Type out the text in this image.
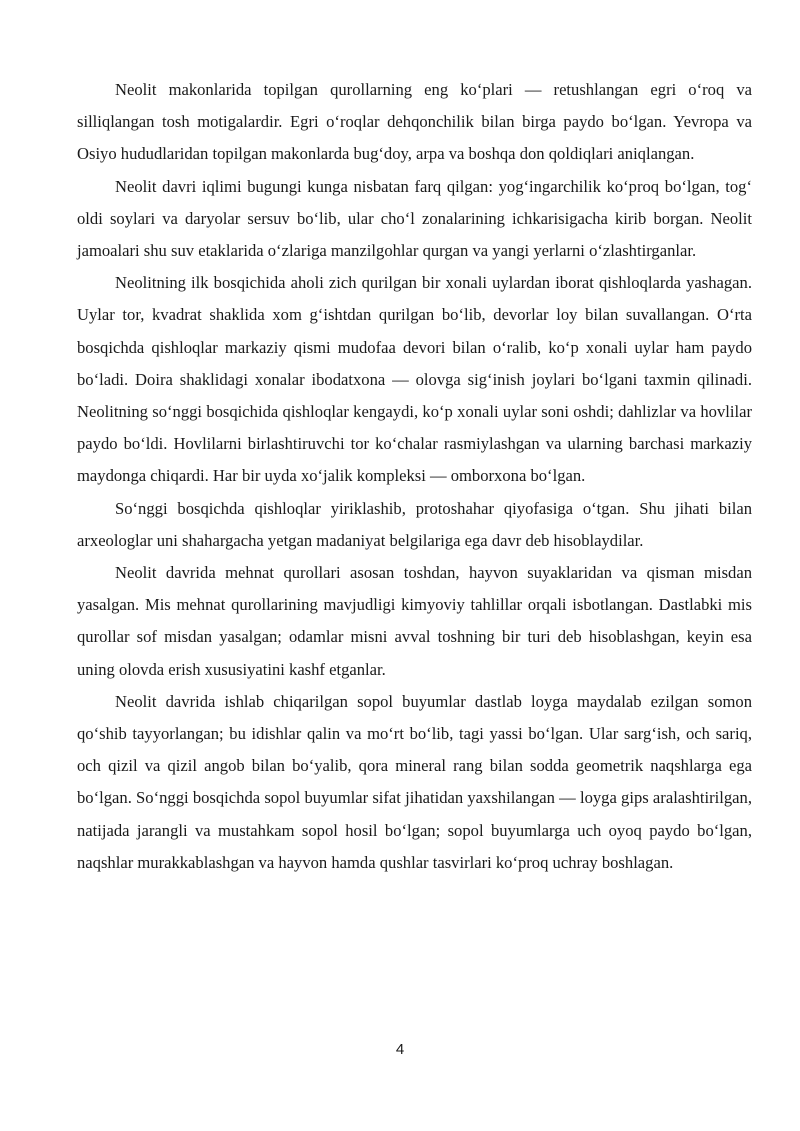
Neolit makonlarida topilgan qurollarning eng ko‘plari — retushlangan egri o‘roq va silliqlangan tosh motigalardir. Egri o‘roqlar dehqonchilik bilan birga paydo bo‘lgan. Yevropa va Osiyo hududlaridan topilgan makonlarda bug‘doy, arpa va boshqa don qoldiqlari aniqlangan.

Neolit davri iqlimi bugungi kunga nisbatan farq qilgan: yog‘ingarchilik ko‘proq bo‘lgan, tog‘ oldi soylari va daryolar sersuv bo‘lib, ular cho‘l zonalarining ichkarisigacha kirib borgan. Neolit jamoalari shu suv etaklarida o‘zlariga manzilgohlar qurgan va yangi yerlarni o‘zlashtirganlar.

Neolitning ilk bosqichida aholi zich qurilgan bir xonali uylardan iborat qishloqlarda yashagan. Uylar tor, kvadrat shaklida xom g‘ishtdan qurilgan bo‘lib, devorlar loy bilan suvallangan. O‘rta bosqichda qishloqlar markaziy qismi mudofaa devori bilan o‘ralib, ko‘p xonali uylar ham paydo bo‘ladi. Doira shaklidagi xonalar ibodatxona — olovga sig‘inish joylari bo‘lgani taxmin qilinadi. Neolitning so‘nggi bosqichida qishloqlar kengaydi, ko‘p xonali uylar soni oshdi; dahlizlar va hovlilar paydo bo‘ldi. Hovlilarni birlashtiruvchi tor ko‘chalar rasmiylashgan va ularning barchasi markaziy maydonga chiqardi. Har bir uyda xo‘jalik kompleksi — omborxona bo‘lgan.

So‘nggi bosqichda qishloqlar yiriklashib, protoshahar qiyofasiga o‘tgan. Shu jihati bilan arxeologlar uni shahargacha yetgan madaniyat belgilariga ega davr deb hisoblaydilar.

Neolit davrida mehnat qurollari asosan toshdan, hayvon suyaklaridan va qisman misdan yasalgan. Mis mehnat qurollarining mavjudligi kimyoviy tahlillar orqali isbotlangan. Dastlabki mis qurollar sof misdan yasalgan; odamlar misni avval toshning bir turi deb hisoblashgan, keyin esa uning olovda erish xususiyatini kashf etganlar.

Neolit davrida ishlab chiqarilgan sopol buyumlar dastlab loyga maydalab ezilgan somon qo‘shib tayyorlangan; bu idishlar qalin va mo‘rt bo‘lib, tagi yassi bo‘lgan. Ular sarg‘ish, och sariq, och qizil va qizil angob bilan bo‘yalib, qora mineral rang bilan sodda geometrik naqshlarga ega bo‘lgan. So‘nggi bosqichda sopol buyumlar sifat jihatidan yaxshilangan — loyga gips aralashtirilgan, natijada jarangli va mustahkam sopol hosil bo‘lgan; sopol buyumlarga uch oyoq paydo bo‘lgan, naqshlar murakkablashgan va hayvon hamda qushlar tasvirlari ko‘proq uchray boshlagan.

4
